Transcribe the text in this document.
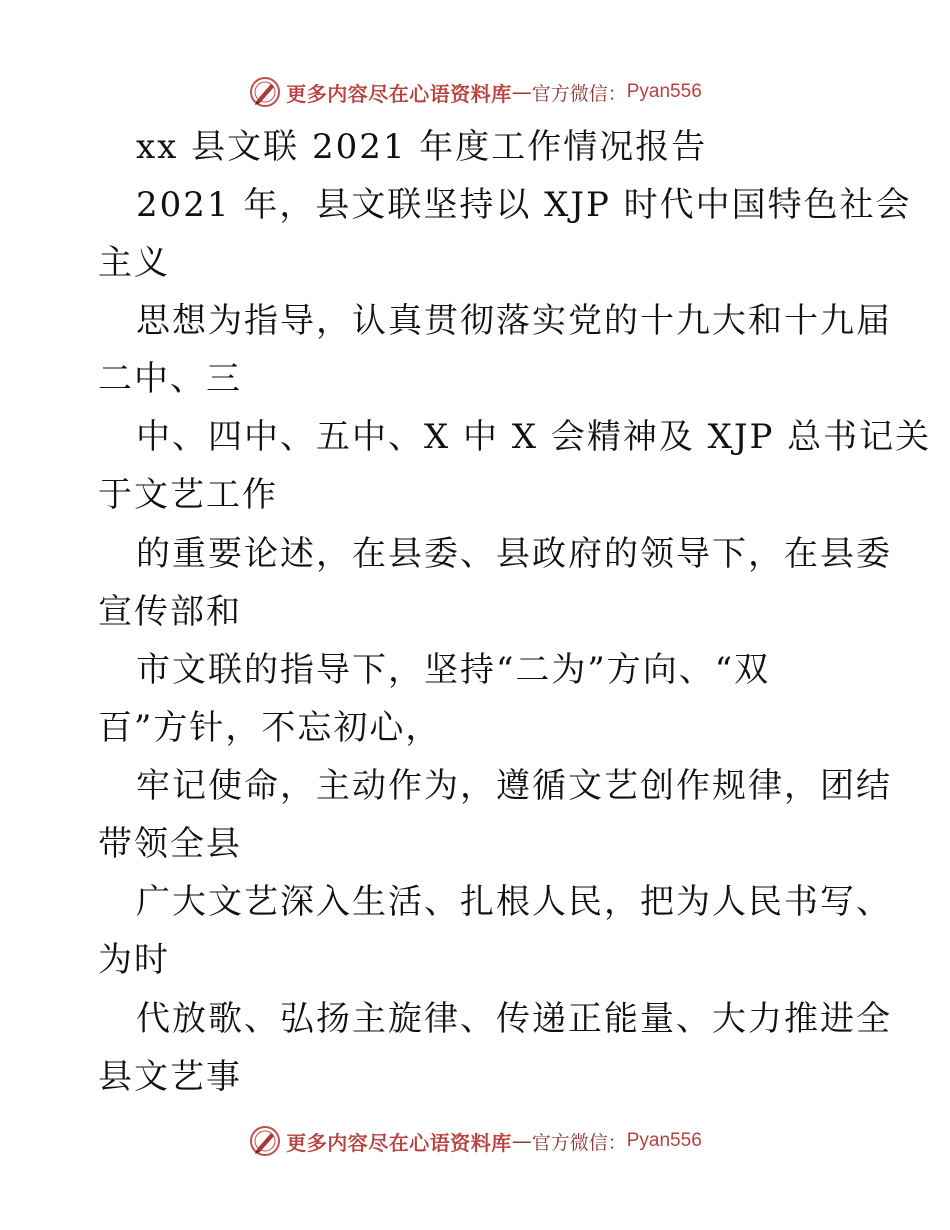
更多内容尽在心语资料库 — 官方微信： Pyan556
xx 县文联 2021 年度工作情况报告
2021 年，县文联坚持以 XJP 时代中国特色社会
主义
思想为指导，认真贯彻落实党的十九大和十九届
二中、三
中、四中、五中、X 中 X 会精神及 XJP 总书记关
于文艺工作
的重要论述，在县委、县政府的领导下，在县委
宣传部和
市文联的指导下，坚持“二为”方向、“双
百”方针，不忘初心，
牢记使命，主动作为，遵循文艺创作规律，团结
带领全县
广大文艺深入生活、扎根人民，把为人民书写、
为时
代放歌、弘扬主旋律、传递正能量、大力推进全
县文艺事
更多内容尽在心语资料库 — 官方微信： Pyan556
